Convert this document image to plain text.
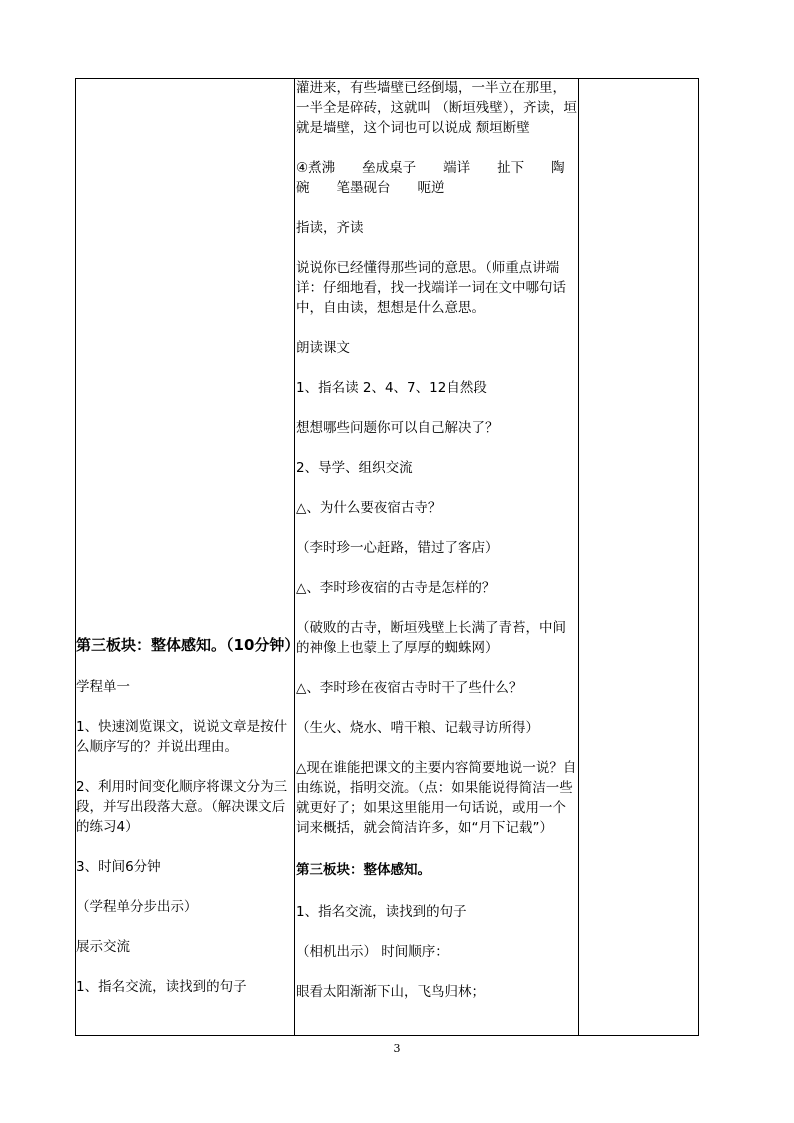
灌进来，有些墙壁已经倒塌，一半立在那里，一半全是碎砖，这就叫 （断垣残壁），齐读，垣就是墙壁，这个词也可以说成 颓垣断壁

④煮沸　　垒成桌子　　端详　　扯下　　陶碗　　笔墨砚台　　呃逆

指读，齐读

说说你已经懂得那些词的意思。（师重点讲端详：仔细地看，找一找端详一词在文中哪句话中，自由读，想想是什么意思。

朗读课文

1、指名读 2、4、7、12自然段

想想哪些问题你可以自己解决了？

2、导学、组织交流

△、为什么要夜宿古寺？

（李时珍一心赶路，错过了客店）

△、李时珍夜宿的古寺是怎样的？

（破败的古寺，断垣残壁上长满了青苔，中间的神像上也蒙上了厚厚的蜘蛛网）

△、李时珍在夜宿古寺时干了些什么？

（生火、烧水、啃干粮、记载寻访所得）

△现在谁能把课文的主要内容简要地说一说？自由练说，指明交流。（点：如果能说得简洁一些就更好了；如果这里能用一句话说，或用一个词来概括，就会简洁许多，如“月下记载”）

第三板块：整体感知。

1、指名交流，读找到的句子

（相机出示） 时间顺序：

眼看太阳渐渐下山，飞鸟归林；

第三板块：整体感知。（10分钟）

学程单一

1、快速浏览课文，说说文章是按什么顺序写的？并说出理由。

2、利用时间变化顺序将课文分为三段，并写出段落大意。（解决课文后的练习4）

3、时间6分钟

（学程单分步出示）

展示交流

1、指名交流，读找到的句子

3
